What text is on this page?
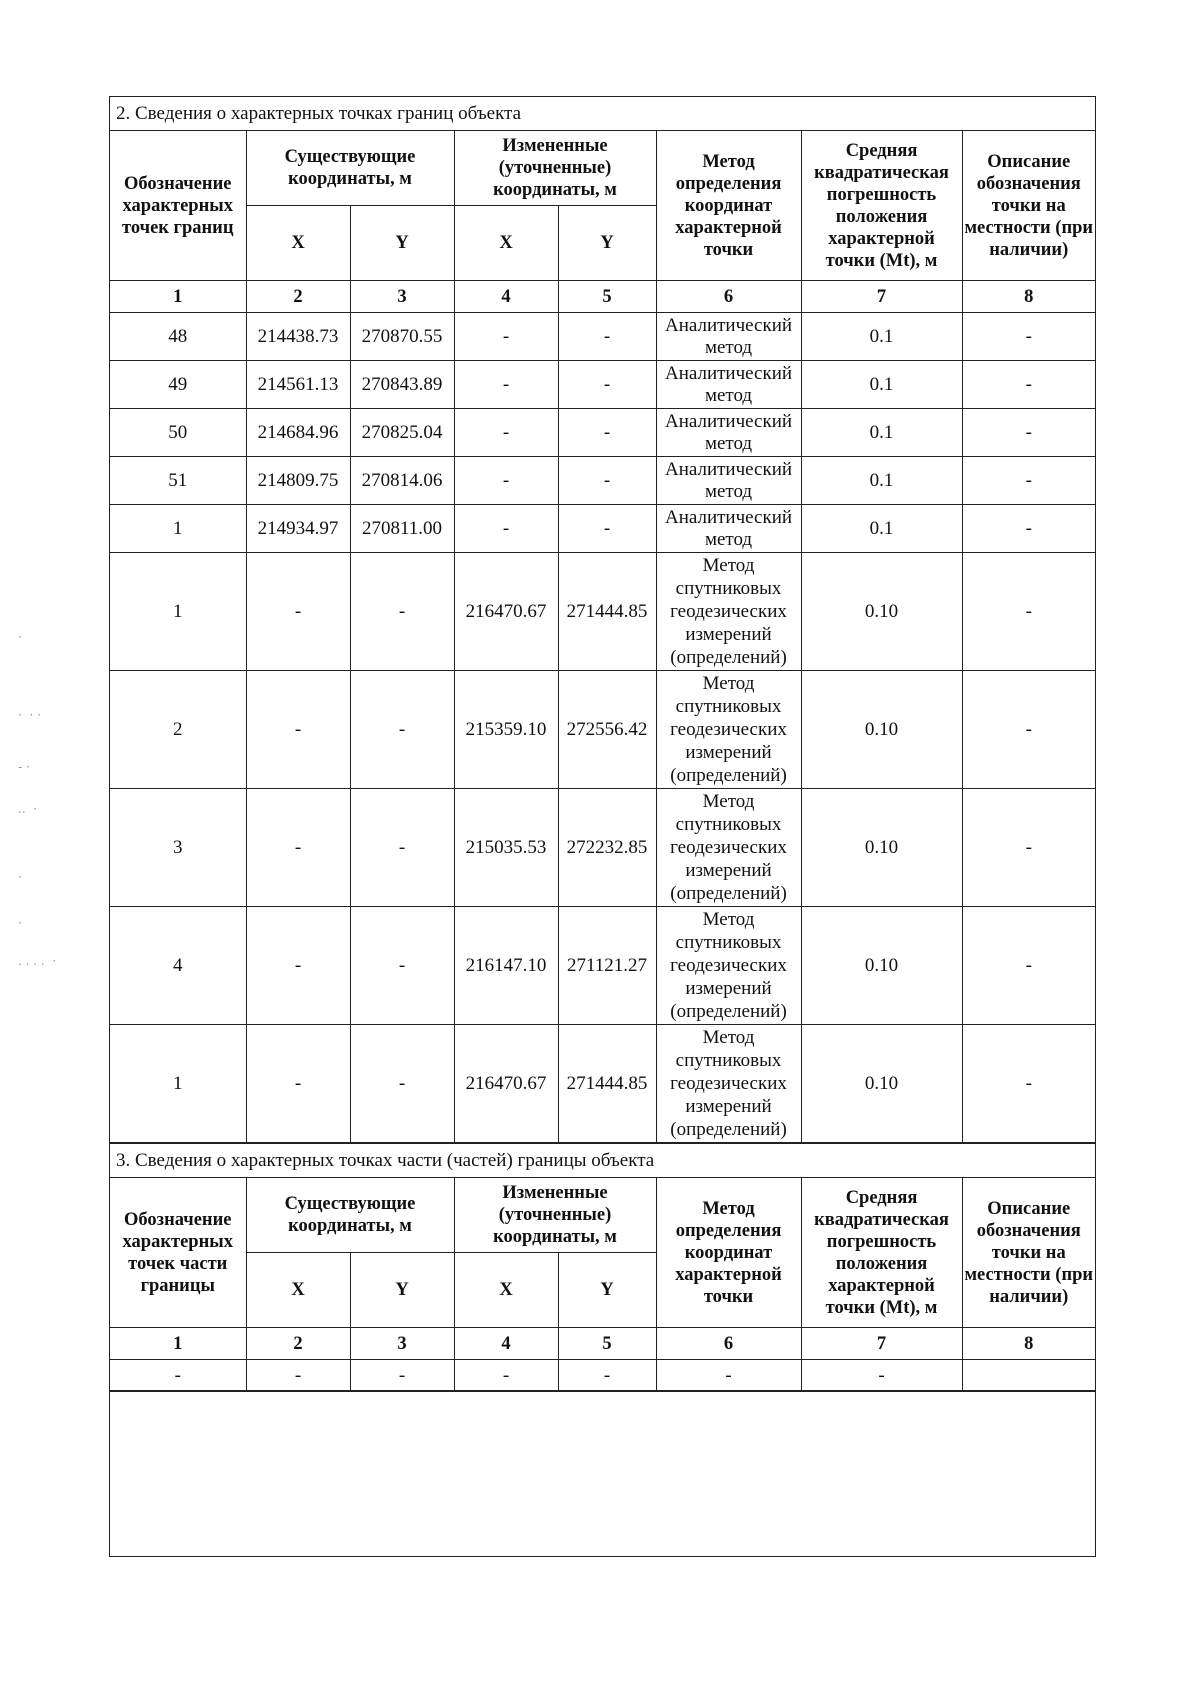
2. Сведения о характерных точках границ объекта
Обозначение характерных точек границ	Существующие координаты, м		Измененные (уточненные) координаты, м		Метод определения координат характерной точки	Средняя квадратическая погрешность положения характерной точки (Mt), м	Описание обозначения точки на местности (при наличии)
	X	Y	X	Y			
1	2	3	4	5	6	7	8
48	214438.73	270870.55	-	-	Аналитический метод	0.1	-
49	214561.13	270843.89	-	-	Аналитический метод	0.1	-
50	214684.96	270825.04	-	-	Аналитический метод	0.1	-
51	214809.75	270814.06	-	-	Аналитический метод	0.1	-
1	214934.97	270811.00	-	-	Аналитический метод	0.1	-
1	-	-	216470.67	271444.85	Метод спутниковых геодезических измерений (определений)	0.10	-
2	-	-	215359.10	272556.42	Метод спутниковых геодезических измерений (определений)	0.10	-
3	-	-	215035.53	272232.85	Метод спутниковых геодезических измерений (определений)	0.10	-
4	-	-	216147.10	271121.27	Метод спутниковых геодезических измерений (определений)	0.10	-
1	-	-	216470.67	271444.85	Метод спутниковых геодезических измерений (определений)	0.10	-
3. Сведения о характерных точках части (частей) границы объекта
Обозначение характерных точек части границы	Существующие координаты, м		Измененные (уточненные) координаты, м		Метод определения координат характерной точки	Средняя квадратическая погрешность положения характерной точки (Mt), м	Описание обозначения точки на местности (при наличии)
	X	Y	X	Y			
1	2	3	4	5	6	7	8
-	-	-	-	-	-	-	
·
·  · ·
- ·
..  ·
·
·
. . . .  ·
